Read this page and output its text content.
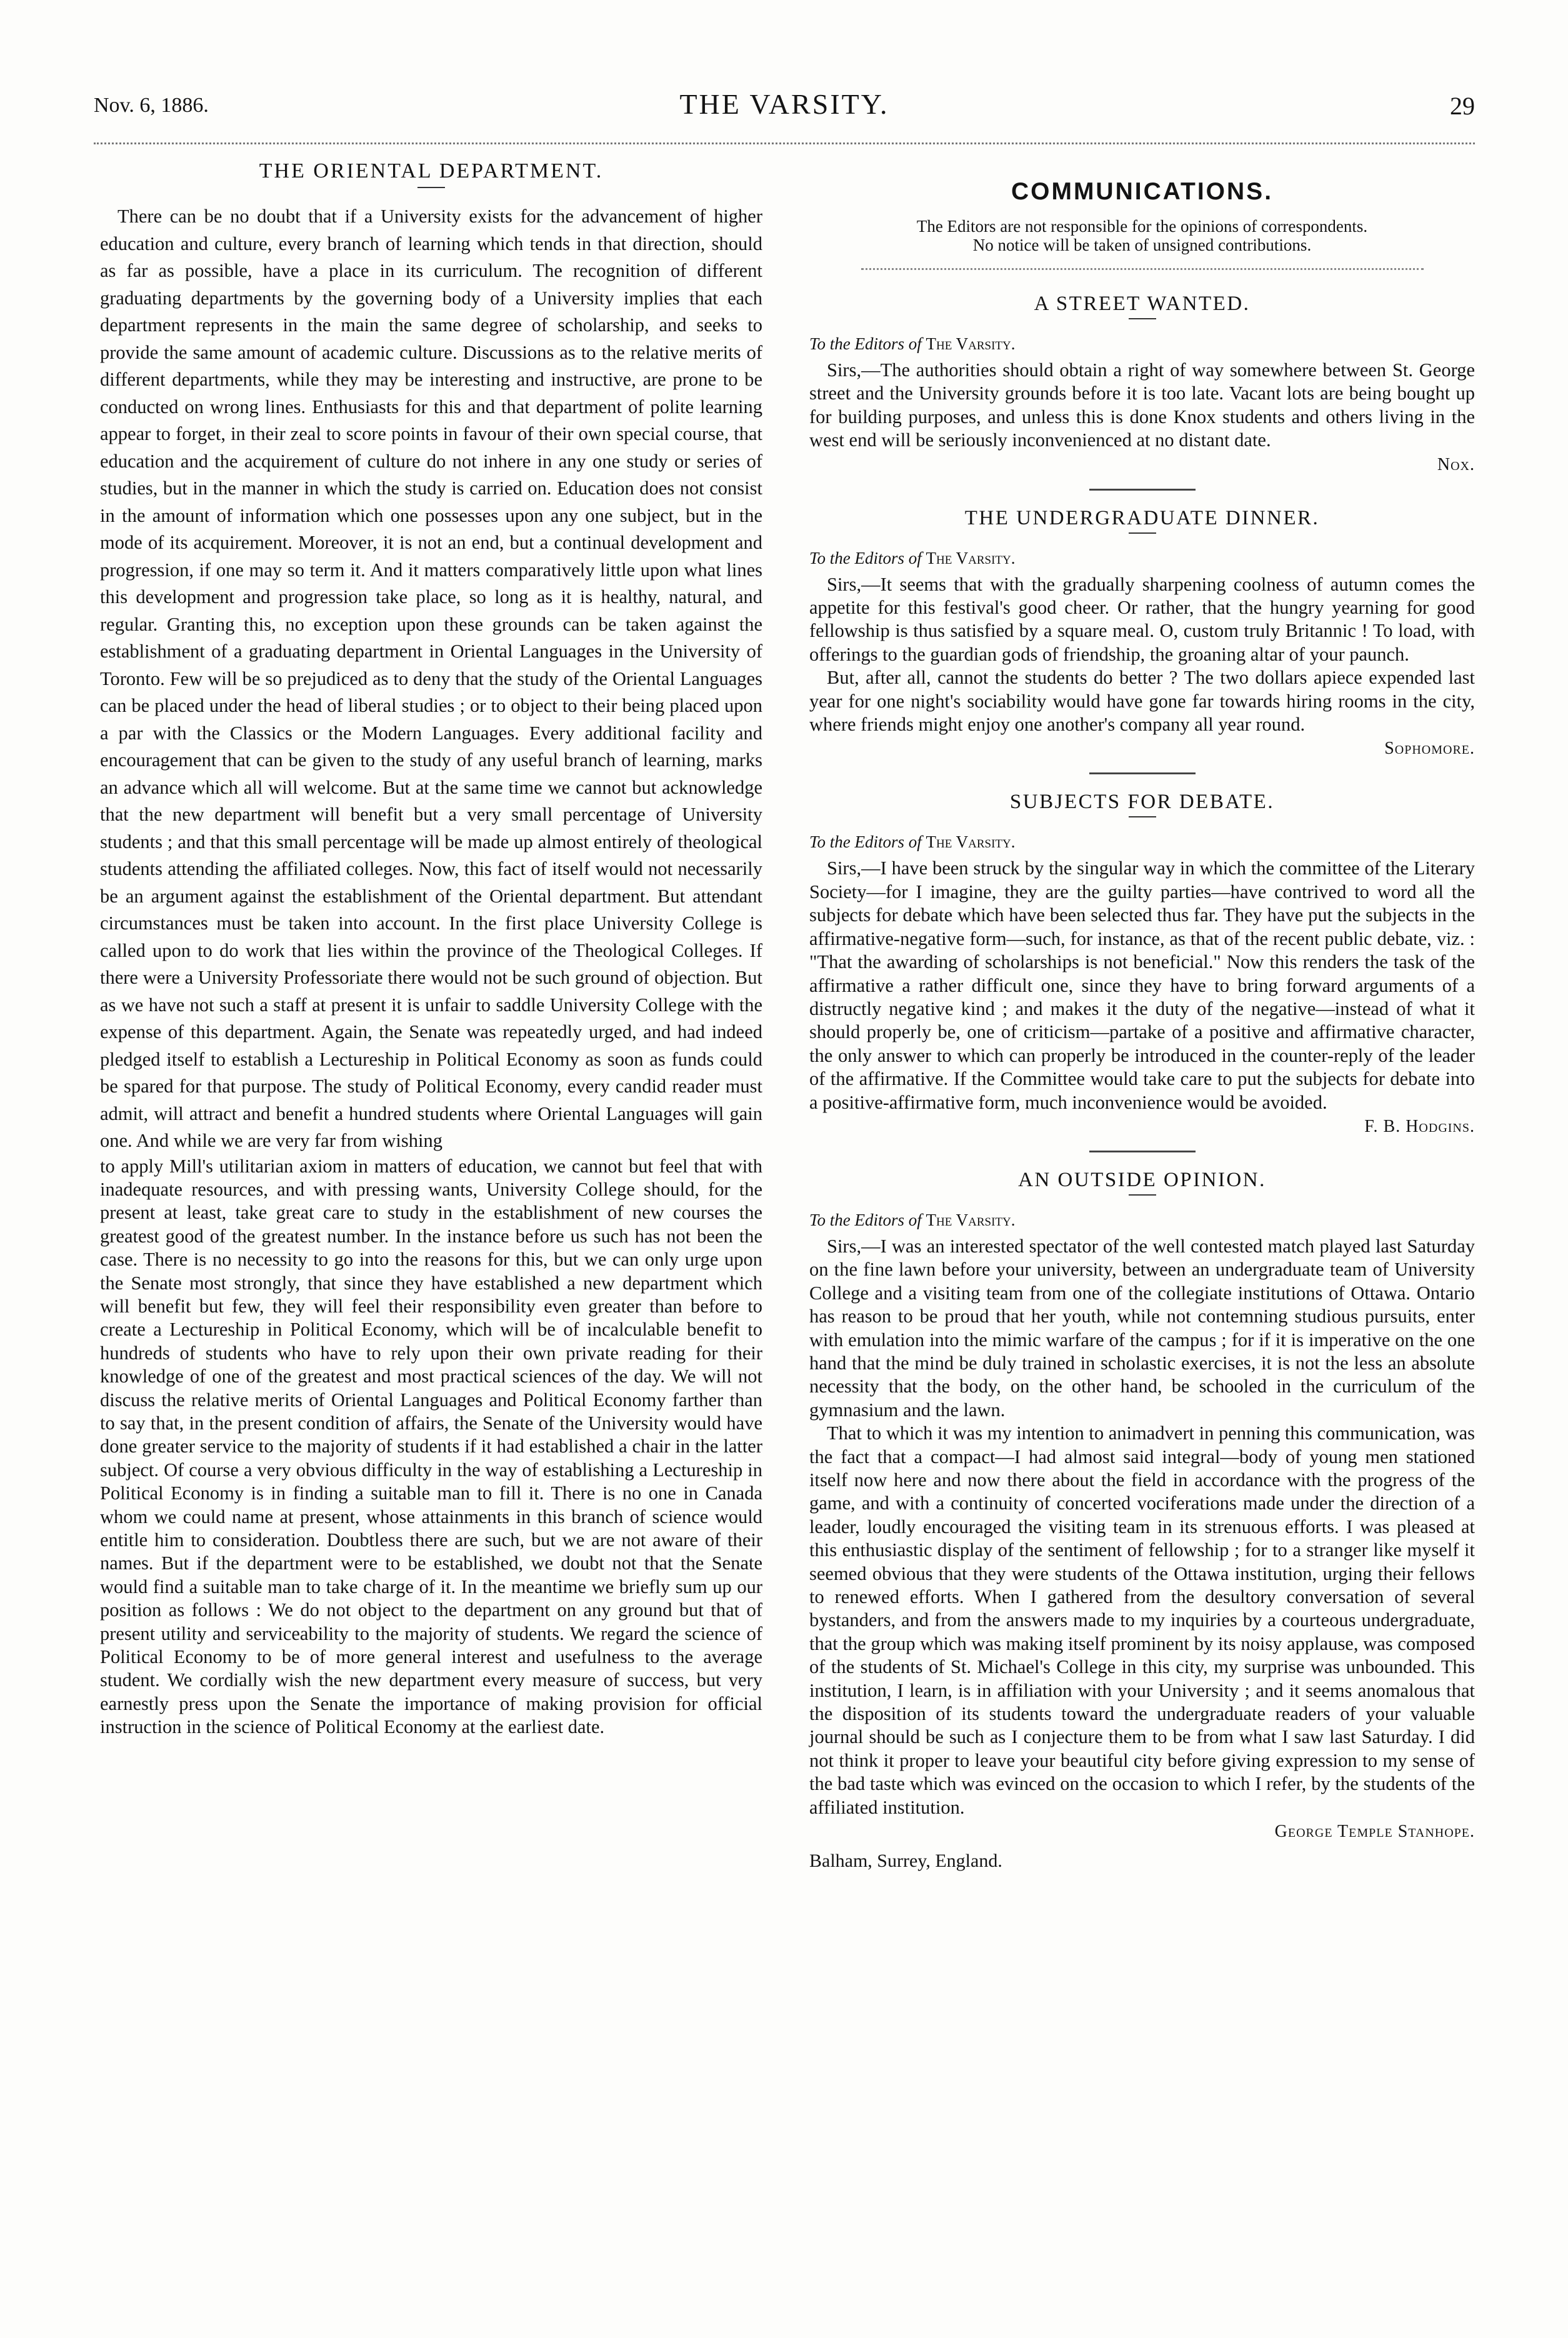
Nov. 6, 1886.	THE VARSITY.	29
THE ORIENTAL DEPARTMENT.

There can be no doubt that if a University exists for the advancement of higher education and culture, every branch of learning which tends in that direction, should as far as possible, have a place in its curriculum. The recognition of different graduating departments by the governing body of a University implies that each department represents in the main the same degree of scholarship, and seeks to provide the same amount of academic culture. Discussions as to the relative merits of different departments, while they may be interesting and instructive, are prone to be conducted on wrong lines. Enthusiasts for this and that department of polite learning appear to forget, in their zeal to score points in favour of their own special course, that education and the acquirement of culture do not inhere in any one study or series of studies, but in the manner in which the study is carried on. Education does not consist in the amount of information which one possesses upon any one subject, but in the mode of its acquirement. Moreover, it is not an end, but a continual development and progression, if one may so term it. And it matters comparatively little upon what lines this development and progression take place, so long as it is healthy, natural, and regular. Granting this, no exception upon these grounds can be taken against the establishment of a graduating department in Oriental Languages in the University of Toronto. Few will be so prejudiced as to deny that the study of the Oriental Languages can be placed under the head of liberal studies ; or to object to their being placed upon a par with the Classics or the Modern Languages. Every additional facility and encouragement that can be given to the study of any useful branch of learning, marks an advance which all will welcome. But at the same time we cannot but acknowledge that the new department will benefit but a very small percentage of University students ; and that this small percentage will be made up almost entirely of theological students attending the affiliated colleges. Now, this fact of itself would not necessarily be an argument against the establishment of the Oriental department. But attendant circumstances must be taken into account. In the first place University College is called upon to do work that lies within the province of the Theological Colleges. If there were a University Professoriate there would not be such ground of objection. But as we have not such a staff at present it is unfair to saddle University College with the expense of this department. Again, the Senate was repeatedly urged, and had indeed pledged itself to establish a Lectureship in Political Economy as soon as funds could be spared for that purpose. The study of Political Economy, every candid reader must admit, will attract and benefit a hundred students where Oriental Languages will gain one. And while we are very far from wishing

to apply Mill's utilitarian axiom in matters of education, we cannot but feel that with inadequate resources, and with pressing wants, University College should, for the present at least, take great care to study in the establishment of new courses the greatest good of the greatest number. In the instance before us such has not been the case. There is no necessity to go into the reasons for this, but we can only urge upon the Senate most strongly, that since they have established a new department which will benefit but few, they will feel their responsibility even greater than before to create a Lectureship in Political Economy, which will be of incalculable benefit to hundreds of students who have to rely upon their own private reading for their knowledge of one of the greatest and most practical sciences of the day. We will not discuss the relative merits of Oriental Languages and Political Economy farther than to say that, in the present condition of affairs, the Senate of the University would have done greater service to the majority of students if it had established a chair in the latter subject. Of course a very obvious difficulty in the way of establishing a Lectureship in Political Economy is in finding a suitable man to fill it. There is no one in Canada whom we could name at present, whose attainments in this branch of science would entitle him to consideration. Doubtless there are such, but we are not aware of their names. But if the department were to be established, we doubt not that the Senate would find a suitable man to take charge of it. In the meantime we briefly sum up our position as follows : We do not object to the department on any ground but that of present utility and serviceability to the majority of students. We regard the science of Political Economy to be of more general interest and usefulness to the average student. We cordially wish the new department every measure of success, but very earnestly press upon the Senate the importance of making provision for official instruction in the science of Political Economy at the earliest date.

COMMUNICATIONS.

The Editors are not responsible for the opinions of correspondents.

No notice will be taken of unsigned contributions.

A STREET WANTED.

To the Editors of The Varsity.

Sirs,—The authorities should obtain a right of way somewhere between St. George street and the University grounds before it is too late. Vacant lots are being bought up for building purposes, and unless this is done Knox students and others living in the west end will be seriously inconvenienced at no distant date.

Nox.

THE UNDERGRADUATE DINNER.

To the Editors of The Varsity.

Sirs,—It seems that with the gradually sharpening coolness of autumn comes the appetite for this festival's good cheer. Or rather, that the hungry yearning for good fellowship is thus satisfied by a square meal. O, custom truly Britannic ! To load, with offerings to the guardian gods of friendship, the groaning altar of your paunch.

But, after all, cannot the students do better ? The two dollars apiece expended last year for one night's sociability would have gone far towards hiring rooms in the city, where friends might enjoy one another's company all year round.

Sophomore.

SUBJECTS FOR DEBATE.

To the Editors of The Varsity.

Sirs,—I have been struck by the singular way in which the committee of the Literary Society—for I imagine, they are the guilty parties—have contrived to word all the subjects for debate which have been selected thus far. They have put the subjects in the affirmative-negative form—such, for instance, as that of the recent public debate, viz. : "That the awarding of scholarships is not beneficial." Now this renders the task of the affirmative a rather difficult one, since they have to bring forward arguments of a distructly negative kind ; and makes it the duty of the negative—instead of what it should properly be, one of criticism—partake of a positive and affirmative character, the only answer to which can properly be introduced in the counter-reply of the leader of the affirmative. If the Committee would take care to put the subjects for debate into a positive-affirmative form, much inconvenience would be avoided.

F. B. Hodgins.

AN OUTSIDE OPINION.

To the Editors of The Varsity.

Sirs,—I was an interested spectator of the well contested match played last Saturday on the fine lawn before your university, between an undergraduate team of University College and a visiting team from one of the collegiate institutions of Ottawa. Ontario has reason to be proud that her youth, while not contemning studious pursuits, enter with emulation into the mimic warfare of the campus ; for if it is imperative on the one hand that the mind be duly trained in scholastic exercises, it is not the less an absolute necessity that the body, on the other hand, be schooled in the curriculum of the gymnasium and the lawn.

That to which it was my intention to animadvert in penning this communication, was the fact that a compact—I had almost said integral—body of young men stationed itself now here and now there about the field in accordance with the progress of the game, and with a continuity of concerted vociferations made under the direction of a leader, loudly encouraged the visiting team in its strenuous efforts. I was pleased at this enthusiastic display of the sentiment of fellowship ; for to a stranger like myself it seemed obvious that they were students of the Ottawa institution, urging their fellows to renewed efforts. When I gathered from the desultory conversation of several bystanders, and from the answers made to my inquiries by a courteous undergraduate, that the group which was making itself prominent by its noisy applause, was composed of the students of St. Michael's College in this city, my surprise was unbounded. This institution, I learn, is in affiliation with your University ; and it seems anomalous that the disposition of its students toward the undergraduate readers of your valuable journal should be such as I conjecture them to be from what I saw last Saturday. I did not think it proper to leave your beautiful city before giving expression to my sense of the bad taste which was evinced on the occasion to which I refer, by the students of the affiliated institution.

George Temple Stanhope.

Balham, Surrey, England.
